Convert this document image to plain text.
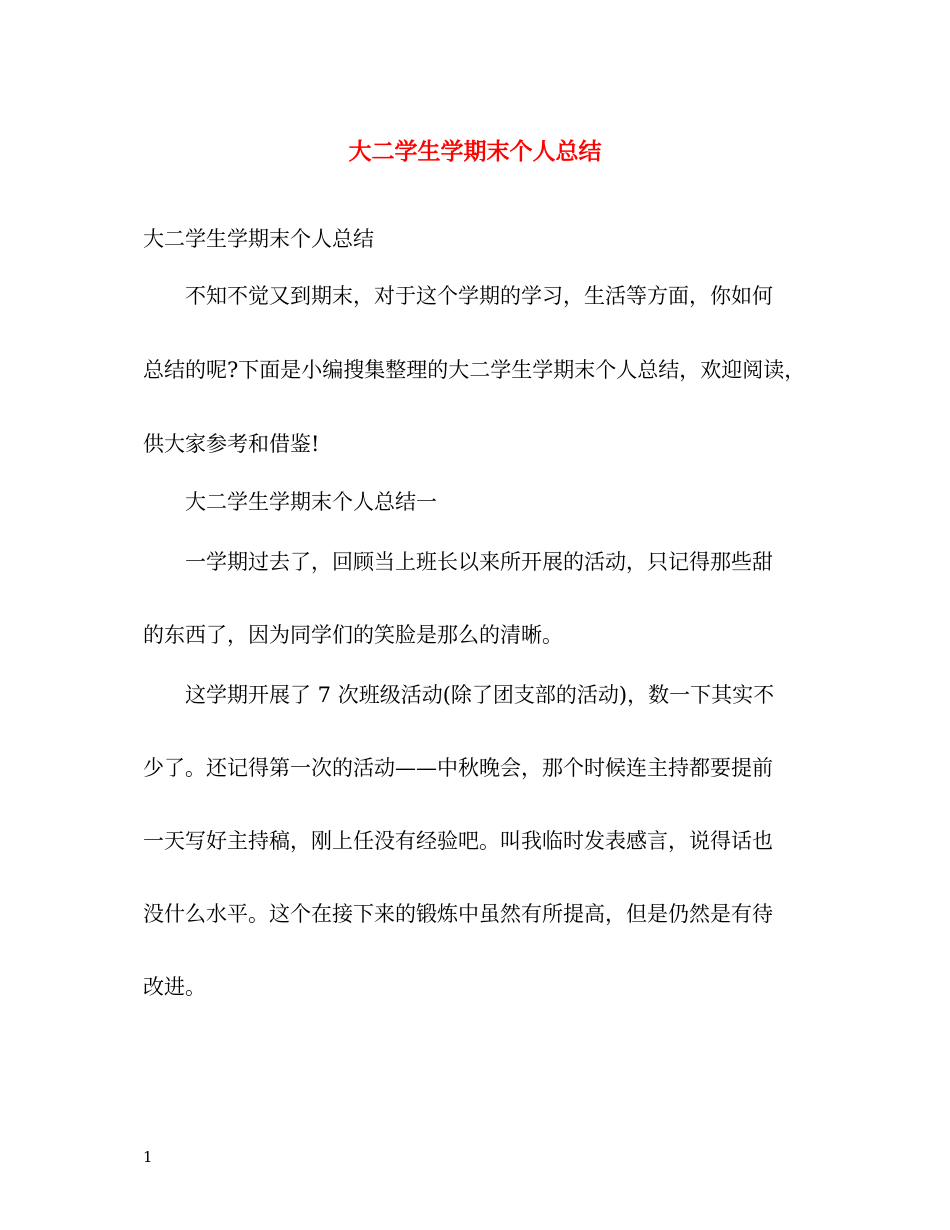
大二学生学期末个人总结

大二学生学期末个人总结

不知不觉又到期末，对于这个学期的学习，生活等方面，你如何

总结的呢?下面是小编搜集整理的大二学生学期末个人总结，欢迎阅读，

供大家参考和借鉴!

大二学生学期末个人总结一

一学期过去了，回顾当上班长以来所开展的活动，只记得那些甜

的东西了，因为同学们的笑脸是那么的清晰。

这学期开展了 7 次班级活动(除了团支部的活动)，数一下其实不

少了。还记得第一次的活动——中秋晚会，那个时候连主持都要提前

一天写好主持稿，刚上任没有经验吧。叫我临时发表感言，说得话也

没什么水平。这个在接下来的锻炼中虽然有所提高，但是仍然是有待

改进。

1
